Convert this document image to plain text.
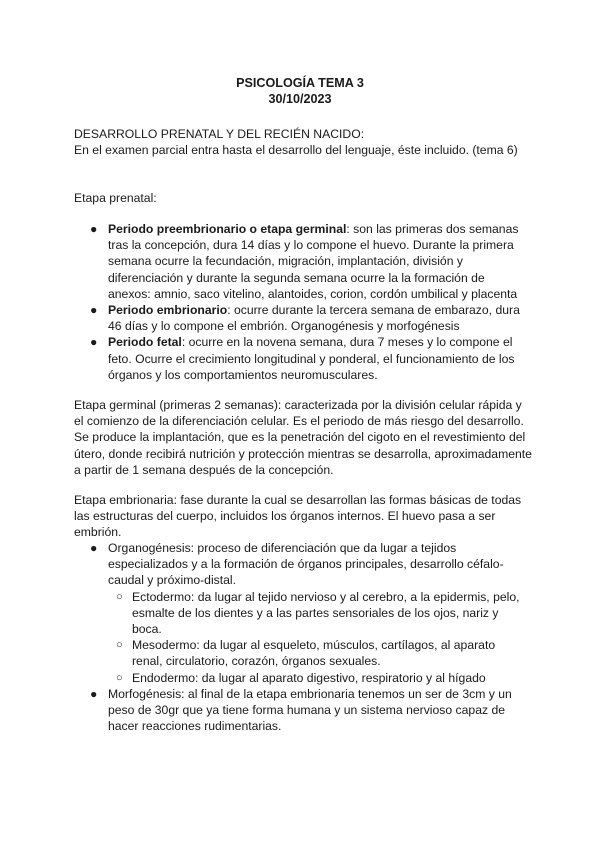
PSICOLOGÍA TEMA 3
30/10/2023
DESARROLLO PRENATAL Y DEL RECIÉN NACIDO:
En el examen parcial entra hasta el desarrollo del lenguaje, éste incluido. (tema 6)
Etapa prenatal:
● Periodo preembrionario o etapa germinal: son las primeras dos semanas tras la concepción, dura 14 días y lo compone el huevo. Durante la primera semana ocurre la fecundación, migración, implantación, división y diferenciación y durante la segunda semana ocurre la la formación de anexos: amnio, saco vitelino, alantoides, corion, cordón umbilical y placenta
● Periodo embrionario: ocurre durante la tercera semana de embarazo, dura 46 días y lo compone el embrión. Organogénesis y morfogénesis
● Periodo fetal: ocurre en la novena semana, dura 7 meses y lo compone el feto. Ocurre el crecimiento longitudinal y ponderal, el funcionamiento de los órganos y los comportamientos neuromusculares.
Etapa germinal (primeras 2 semanas): caracterizada por la división celular rápida y el comienzo de la diferenciación celular. Es el periodo de más riesgo del desarrollo. Se produce la implantación, que es la penetración del cigoto en el revestimiento del útero, donde recibirá nutrición y protección mientras se desarrolla, aproximadamente a partir de 1 semana después de la concepción.
Etapa embrionaria: fase durante la cual se desarrollan las formas básicas de todas las estructuras del cuerpo, incluidos los órganos internos. El huevo pasa a ser embrión.
● Organogénesis: proceso de diferenciación que da lugar a tejidos especializados y a la formación de órganos principales, desarrollo céfalo-caudal y próximo-distal.
○ Ectodermo: da lugar al tejido nervioso y al cerebro, a la epidermis, pelo, esmalte de los dientes y a las partes sensoriales de los ojos, nariz y boca.
○ Mesodermo: da lugar al esqueleto, músculos, cartílagos, al aparato renal, circulatorio, corazón, órganos sexuales.
○ Endodermo: da lugar al aparato digestivo, respiratorio y al hígado
● Morfogénesis: al final de la etapa embrionaria tenemos un ser de 3cm y un peso de 30gr que ya tiene forma humana y un sistema nervioso capaz de hacer reacciones rudimentarias.
